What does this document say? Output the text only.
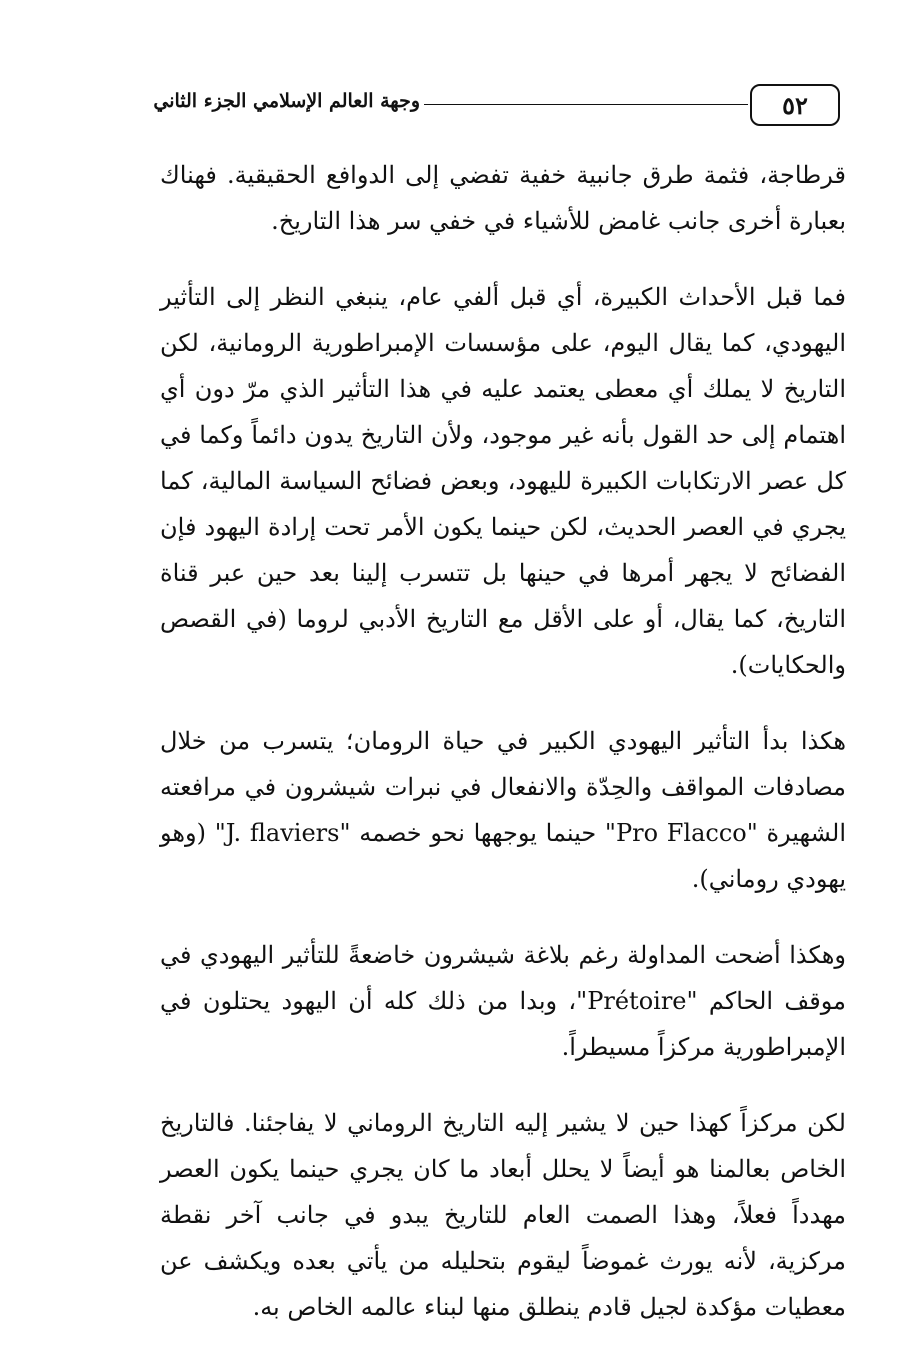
٥٢
وجهة العالم الإسلامي الجزء الثاني

قرطاجة، فثمة طرق جانبية خفية تفضي إلى الدوافع الحقيقية. فهناك بعبارة أخرى جانب غامض للأشياء في خفي سر هذا التاريخ.

فما قبل الأحداث الكبيرة، أي قبل ألفي عام، ينبغي النظر إلى التأثير اليهودي، كما يقال اليوم، على مؤسسات الإمبراطورية الرومانية، لكن التاريخ لا يملك أي معطى يعتمد عليه في هذا التأثير الذي مرّ دون أي اهتمام إلى حد القول بأنه غير موجود، ولأن التاريخ يدون دائماً وكما في كل عصر الارتكابات الكبيرة لليهود، وبعض فضائح السياسة المالية، كما يجري في العصر الحديث، لكن حينما يكون الأمر تحت إرادة اليهود فإن الفضائح لا يجهر أمرها في حينها بل تتسرب إلينا بعد حين عبر قناة التاريخ، كما يقال، أو على الأقل مع التاريخ الأدبي لروما (في القصص والحكايات).

هكذا بدأ التأثير اليهودي الكبير في حياة الرومان؛ يتسرب من خلال مصادفات المواقف والحِدّة والانفعال في نبرات شيشرون في مرافعته الشهيرة "Pro Flacco" حينما يوجهها نحو خصمه "J. flaviers" (وهو يهودي روماني).

وهكذا أضحت المداولة رغم بلاغة شيشرون خاضعةً للتأثير اليهودي في موقف الحاكم "Prétoire"، وبدا من ذلك كله أن اليهود يحتلون في الإمبراطورية مركزاً مسيطراً.

لكن مركزاً كهذا حين لا يشير إليه التاريخ الروماني لا يفاجئنا. فالتاريخ الخاص بعالمنا هو أيضاً لا يحلل أبعاد ما كان يجري حينما يكون العصر مهدداً فعلاً، وهذا الصمت العام للتاريخ يبدو في جانب آخر نقطة مركزية، لأنه يورث غموضاً ليقوم بتحليله من يأتي بعده ويكشف عن معطيات مؤكدة لجيل قادم ينطلق منها لبناء عالمه الخاص به.
